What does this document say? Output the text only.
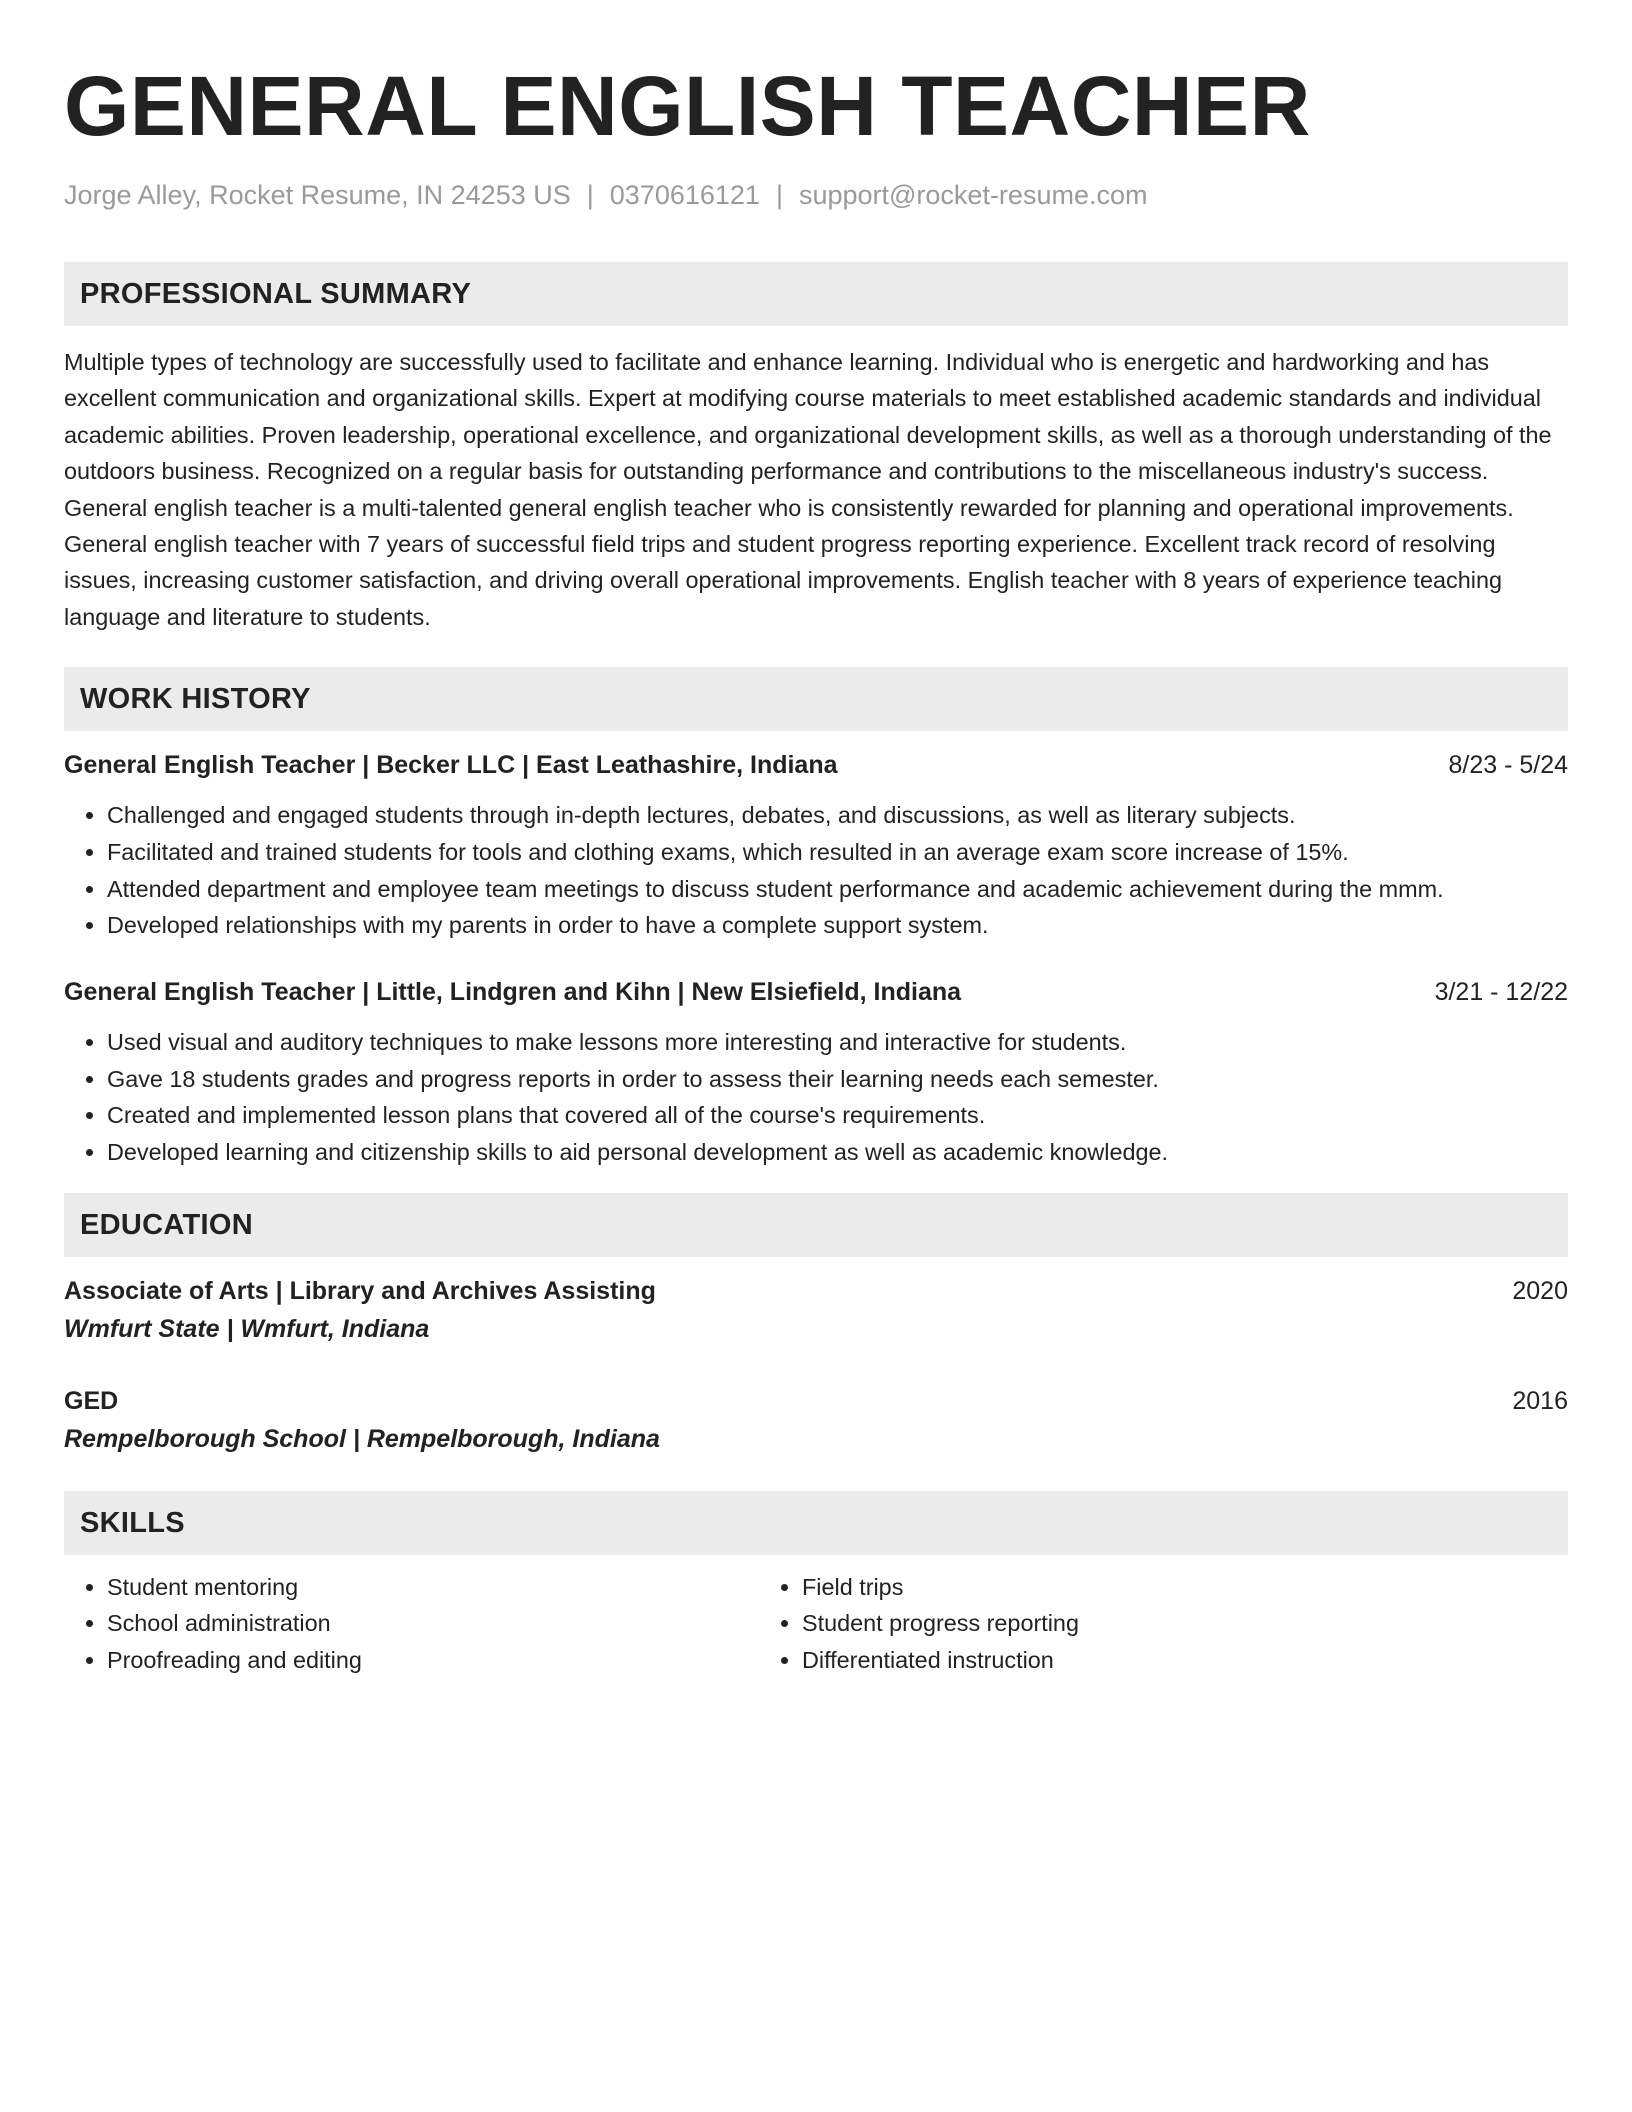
GENERAL ENGLISH TEACHER
Jorge Alley, Rocket Resume, IN 24253 US | 0370616121 | support@rocket-resume.com
PROFESSIONAL SUMMARY
Multiple types of technology are successfully used to facilitate and enhance learning. Individual who is energetic and hardworking and has excellent communication and organizational skills. Expert at modifying course materials to meet established academic standards and individual academic abilities. Proven leadership, operational excellence, and organizational development skills, as well as a thorough understanding of the outdoors business. Recognized on a regular basis for outstanding performance and contributions to the miscellaneous industry's success. General english teacher is a multi-talented general english teacher who is consistently rewarded for planning and operational improvements. General english teacher with 7 years of successful field trips and student progress reporting experience. Excellent track record of resolving issues, increasing customer satisfaction, and driving overall operational improvements. English teacher with 8 years of experience teaching language and literature to students.
WORK HISTORY
General English Teacher | Becker LLC | East Leathashire, Indiana	8/23 - 5/24
• Challenged and engaged students through in-depth lectures, debates, and discussions, as well as literary subjects.
• Facilitated and trained students for tools and clothing exams, which resulted in an average exam score increase of 15%.
• Attended department and employee team meetings to discuss student performance and academic achievement during the mmm.
• Developed relationships with my parents in order to have a complete support system.
General English Teacher | Little, Lindgren and Kihn | New Elsiefield, Indiana	3/21 - 12/22
• Used visual and auditory techniques to make lessons more interesting and interactive for students.
• Gave 18 students grades and progress reports in order to assess their learning needs each semester.
• Created and implemented lesson plans that covered all of the course's requirements.
• Developed learning and citizenship skills to aid personal development as well as academic knowledge.
EDUCATION
Associate of Arts | Library and Archives Assisting	2020
Wmfurt State | Wmfurt, Indiana
GED	2016
Rempelborough School | Rempelborough, Indiana
SKILLS
• Student mentoring
• School administration
• Proofreading and editing
• Field trips
• Student progress reporting
• Differentiated instruction
